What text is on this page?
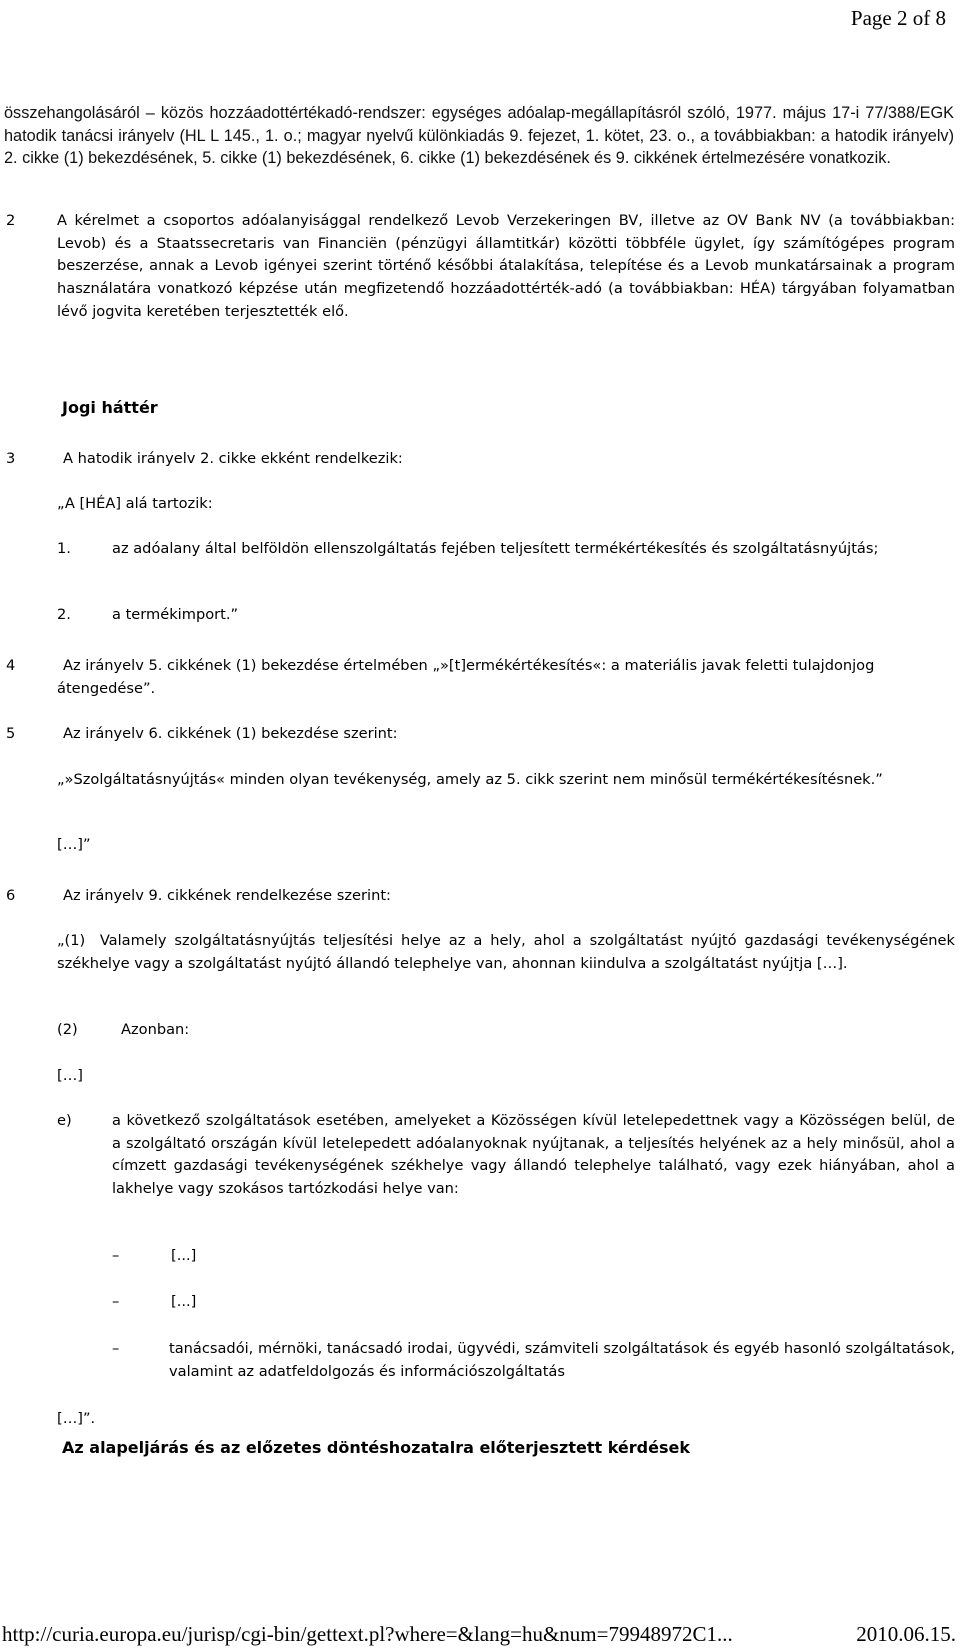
Page 2 of 8
összehangolásáról – közös hozzáadottértékadó-rendszer: egységes adóalap-megállapításról szóló, 1977. május 17-i 77/388/EGK hatodik tanácsi irányelv (HL L 145., 1. o.; magyar nyelvű különkiadás 9. fejezet, 1. kötet, 23. o., a továbbiakban: a hatodik irányelv) 2. cikke (1) bekezdésének, 5. cikke (1) bekezdésének, 6. cikke (1) bekezdésének és 9. cikkének értelmezésére vonatkozik.
2	A kérelmet a csoportos adóalanyisággal rendelkező Levob Verzekeringen BV, illetve az OV Bank NV (a továbbiakban: Levob) és a Staatssecretaris van Financiën (pénzügyi államtitkár) közötti többféle ügylet, így számítógépes program beszerzése, annak a Levob igényei szerint történő későbbi átalakítása, telepítése és a Levob munkatársainak a program használatára vonatkozó képzése után megfizetendő hozzáadottérték-adó (a továbbiakban: HÉA) tárgyában folyamatban lévő jogvita keretében terjesztették elő.
Jogi háttér
3	A hatodik irányelv 2. cikke ekként rendelkezik:
„A [HÉA] alá tartozik:
1.	az adóalany által belföldön ellenszolgáltatás fejében teljesített termékértékesítés és szolgáltatásnyújtás;
2.	a termékimport.”
4	Az irányelv 5. cikkének (1) bekezdése értelmében „»[t]ermékértékesítés«: a materiális javak feletti tulajdonjog átengedése”.
5	Az irányelv 6. cikkének (1) bekezdése szerint:
„»Szolgáltatásnyújtás« minden olyan tevékenység, amely az 5. cikk szerint nem minősül termékértékesítésnek.”
[…]”
6	Az irányelv 9. cikkének rendelkezése szerint:
„(1) Valamely szolgáltatásnyújtás teljesítési helye az a hely, ahol a szolgáltatást nyújtó gazdasági tevékenységének székhelye vagy a szolgáltatást nyújtó állandó telephelye van, ahonnan kiindulva a szolgáltatást nyújtja […].
(2)	Azonban:
[…]
e)	a következő szolgáltatások esetében, amelyeket a Közösségen kívül letelepedettnek vagy a Közösségen belül, de a szolgáltató országán kívül letelepedett adóalanyoknak nyújtanak, a teljesítés helyének az a hely minősül, ahol a címzett gazdasági tevékenységének székhelye vagy állandó telephelye található, vagy ezek hiányában, ahol a lakhelye vagy szokásos tartózkodási helye van:
–	[...]
–	[...]
–	tanácsadói, mérnöki, tanácsadó irodai, ügyvédi, számviteli szolgáltatások és egyéb hasonló szolgáltatások, valamint az adatfeldolgozás és információszolgáltatás
[…]”.
Az alapeljárás és az előzetes döntéshozatalra előterjesztett kérdések
http://curia.europa.eu/jurisp/cgi-bin/gettext.pl?where=&lang=hu&num=79948972C1...	2010.06.15.
